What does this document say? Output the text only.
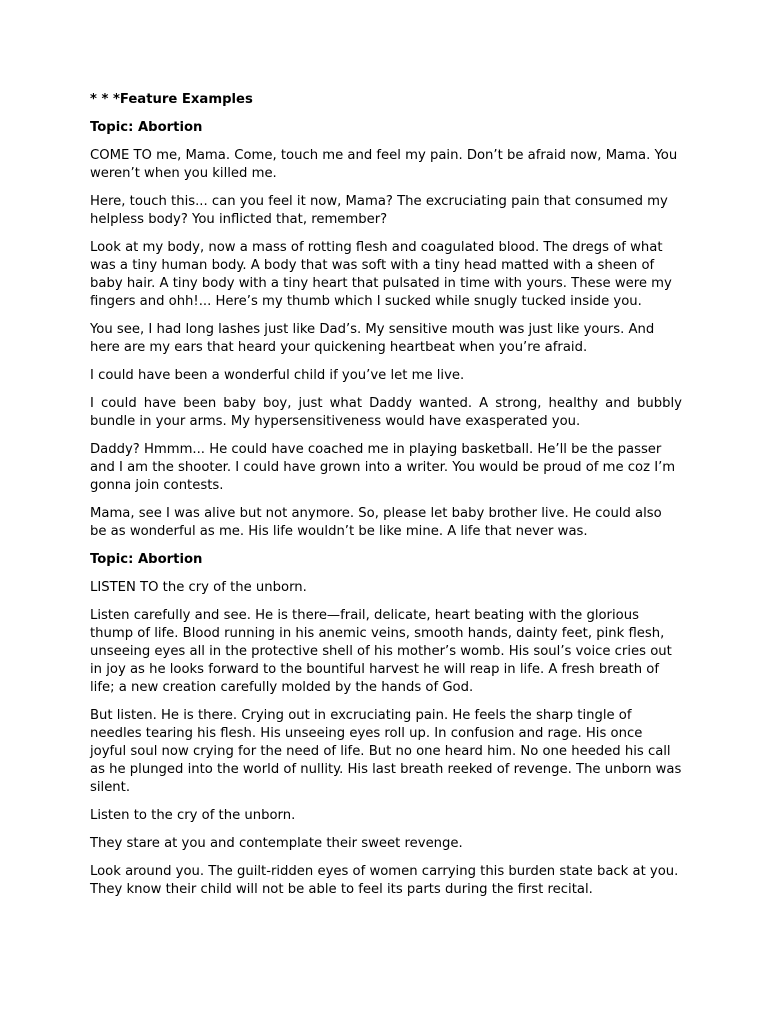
* * *Feature Examples
Topic: Abortion

COME TO me, Mama. Come, touch me and feel my pain. Don’t be afraid now, Mama. You weren’t when you killed me.

Here, touch this... can you feel it now, Mama? The excruciating pain that consumed my helpless body? You inflicted that, remember?

Look at my body, now a mass of rotting flesh and coagulated blood. The dregs of what was a tiny human body. A body that was soft with a tiny head matted with a sheen of baby hair. A tiny body with a tiny heart that pulsated in time with yours. These were my fingers and ohh!... Here’s my thumb which I sucked while snugly tucked inside you.

You see, I had long lashes just like Dad’s. My sensitive mouth was just like yours. And here are my ears that heard your quickening heartbeat when you’re afraid.

I could have been a wonderful child if you’ve let me live.

I could have been baby boy, just what Daddy wanted. A strong, healthy and bubbly bundle in your arms. My hypersensitiveness would have exasperated you.

Daddy? Hmmm... He could have coached me in playing basketball. He’ll be the passer and I am the shooter. I could have grown into a writer. You would be proud of me coz I’m gonna join contests.

Mama, see I was alive but not anymore. So, please let baby brother live. He could also be as wonderful as me. His life wouldn’t be like mine. A life that never was.

Topic: Abortion

LISTEN TO the cry of the unborn.

Listen carefully and see. He is there—frail, delicate, heart beating with the glorious thump of life. Blood running in his anemic veins, smooth hands, dainty feet, pink flesh, unseeing eyes all in the protective shell of his mother’s womb. His soul’s voice cries out in joy as he looks forward to the bountiful harvest he will reap in life. A fresh breath of life; a new creation carefully molded by the hands of God.

But listen. He is there. Crying out in excruciating pain. He feels the sharp tingle of needles tearing his flesh. His unseeing eyes roll up. In confusion and rage. His once joyful soul now crying for the need of life. But no one heard him. No one heeded his call as he plunged into the world of nullity. His last breath reeked of revenge. The unborn was silent.

Listen to the cry of the unborn.

They stare at you and contemplate their sweet revenge.

Look around you. The guilt-ridden eyes of women carrying this burden state back at you. They know their child will not be able to feel its parts during the first recital.
